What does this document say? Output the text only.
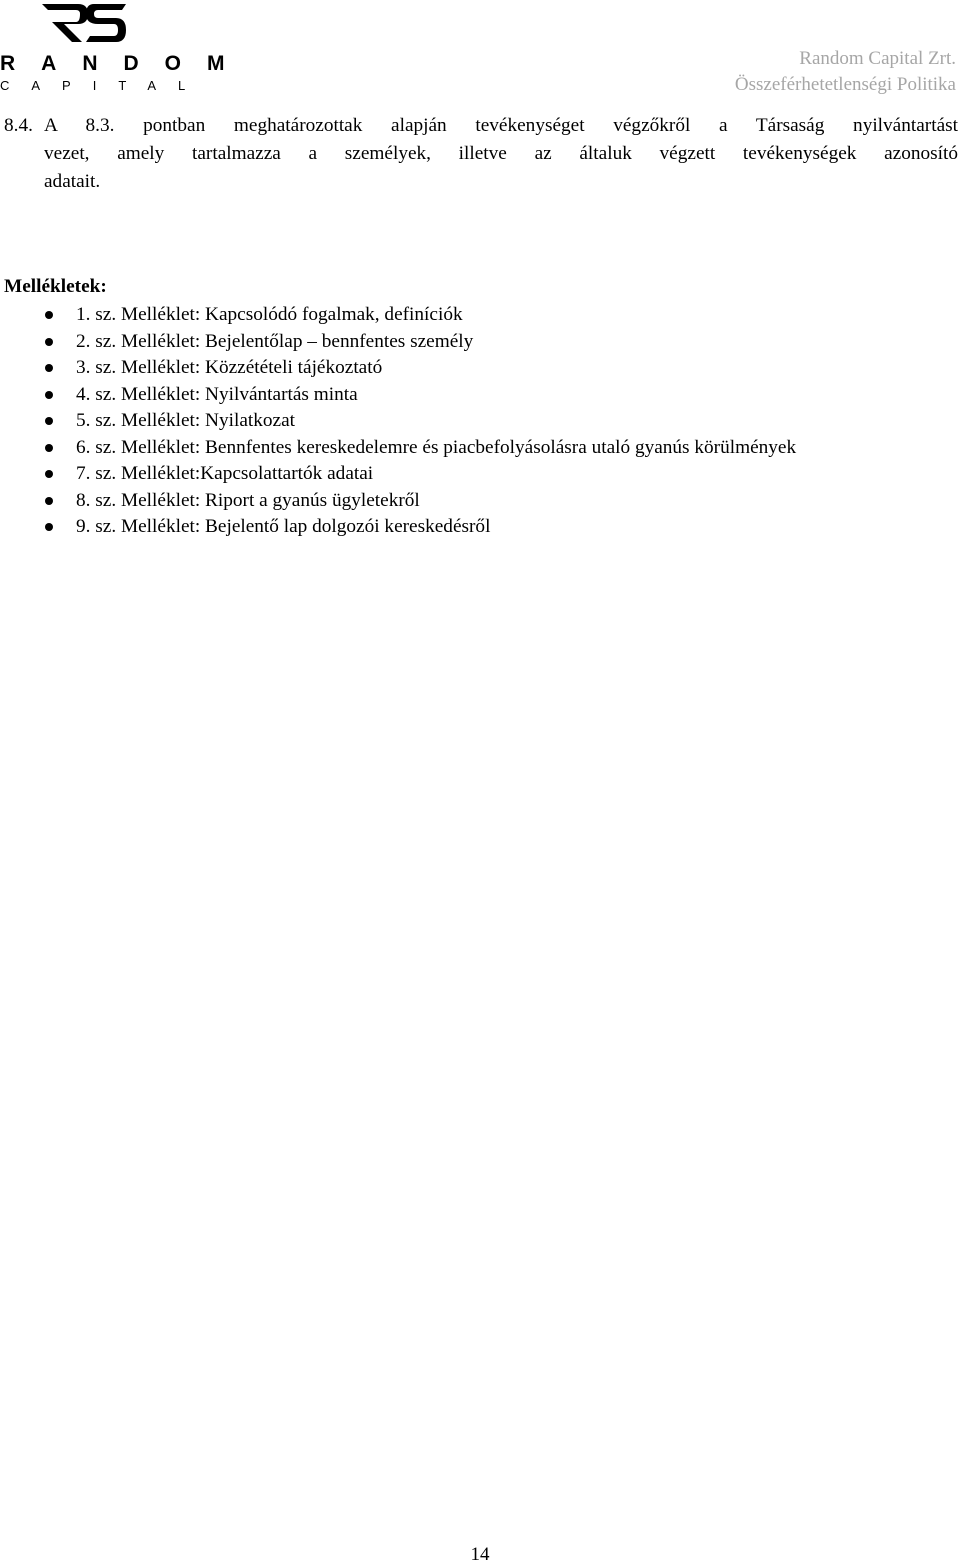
RANDOM
CAPITAL
Random Capital Zrt.
Összeférhetetlenségi Politika
8.4. A 8.3. pontban meghatározottak alapján tevékenységet végzőkről a Társaság nyilvántartást
vezet, amely tartalmazza a személyek, illetve az általuk végzett tevékenységek azonosító
adatait.
Mellékletek:
1. sz. Melléklet: Kapcsolódó fogalmak, definíciók
2. sz. Melléklet: Bejelentőlap – bennfentes személy
3. sz. Melléklet: Közzétételi tájékoztató
4. sz. Melléklet: Nyilvántartás minta
5. sz. Melléklet: Nyilatkozat
6. sz. Melléklet: Bennfentes kereskedelemre és piacbefolyásolásra utaló gyanús körülmények
7. sz. Melléklet:Kapcsolattartók adatai
8. sz. Melléklet: Riport a gyanús ügyletekről
9. sz. Melléklet: Bejelentő lap dolgozói kereskedésről
14
